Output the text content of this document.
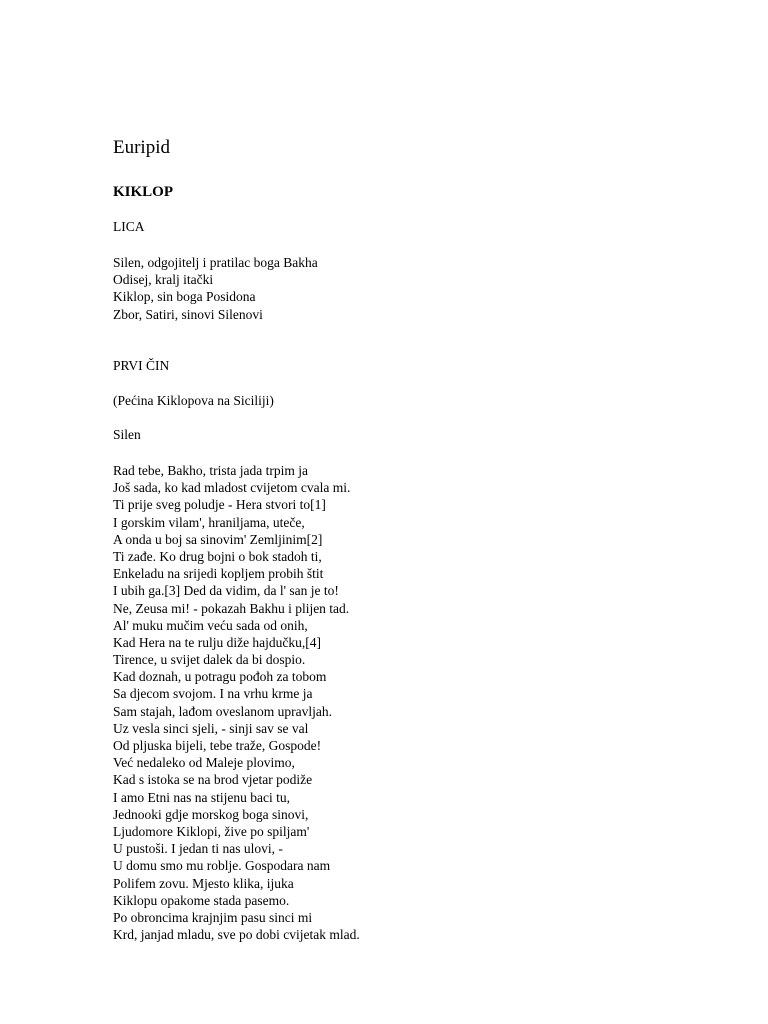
Euripid
KIKLOP
LICA
Silen, odgojitelj i pratilac boga Bakha
Odisej, kralj itački
Kiklop, sin boga Posidona
Zbor, Satiri, sinovi Silenovi
PRVI ČIN
(Pećina Kiklopova na Siciliji)
Silen
Rad tebe, Bakho, trista jada trpim ja
Još sada, ko kad mladost cvijetom cvala mi.
Ti prije sveg poludje - Hera stvori to[1]
I gorskim vilam', hraniljama, uteče,
A onda u boj sa sinovim' Zemljinim[2]
Ti zađe. Ko drug bojni o bok stadoh ti,
Enkeladu na srijedi kopljem probih štit
I ubih ga.[3] Ded da vidim, da l' san je to!
Ne, Zeusa mi! - pokazah Bakhu i plijen tad.
Al' muku mučim veću sada od onih,
Kad Hera na te rulju diže hajdučku,[4]
Tirence, u svijet dalek da bi dospio.
Kad doznah, u potragu pođoh za tobom
Sa djecom svojom. I na vrhu krme ja
Sam stajah, lađom oveslanom upravljah.
Uz vesla sinci sjeli, - sinji sav se val
Od pljuska bijeli, tebe traže, Gospode!
Već nedaleko od Maleje plovimo,
Kad s istoka se na brod vjetar podiže
I amo Etni nas na stijenu baci tu,
Jednooki gdje morskog boga sinovi,
Ljudomore Kiklopi, žive po spiljam'
U pustoši. I jedan ti nas ulovi, -
U domu smo mu roblje. Gospodara nam
Polifem zovu. Mjesto klika, ijuka
Kiklopu opakome stada pasemo.
Po obroncima krajnjim pasu sinci mi
Krd, janjad mladu, sve po dobi cvijetak mlad.
